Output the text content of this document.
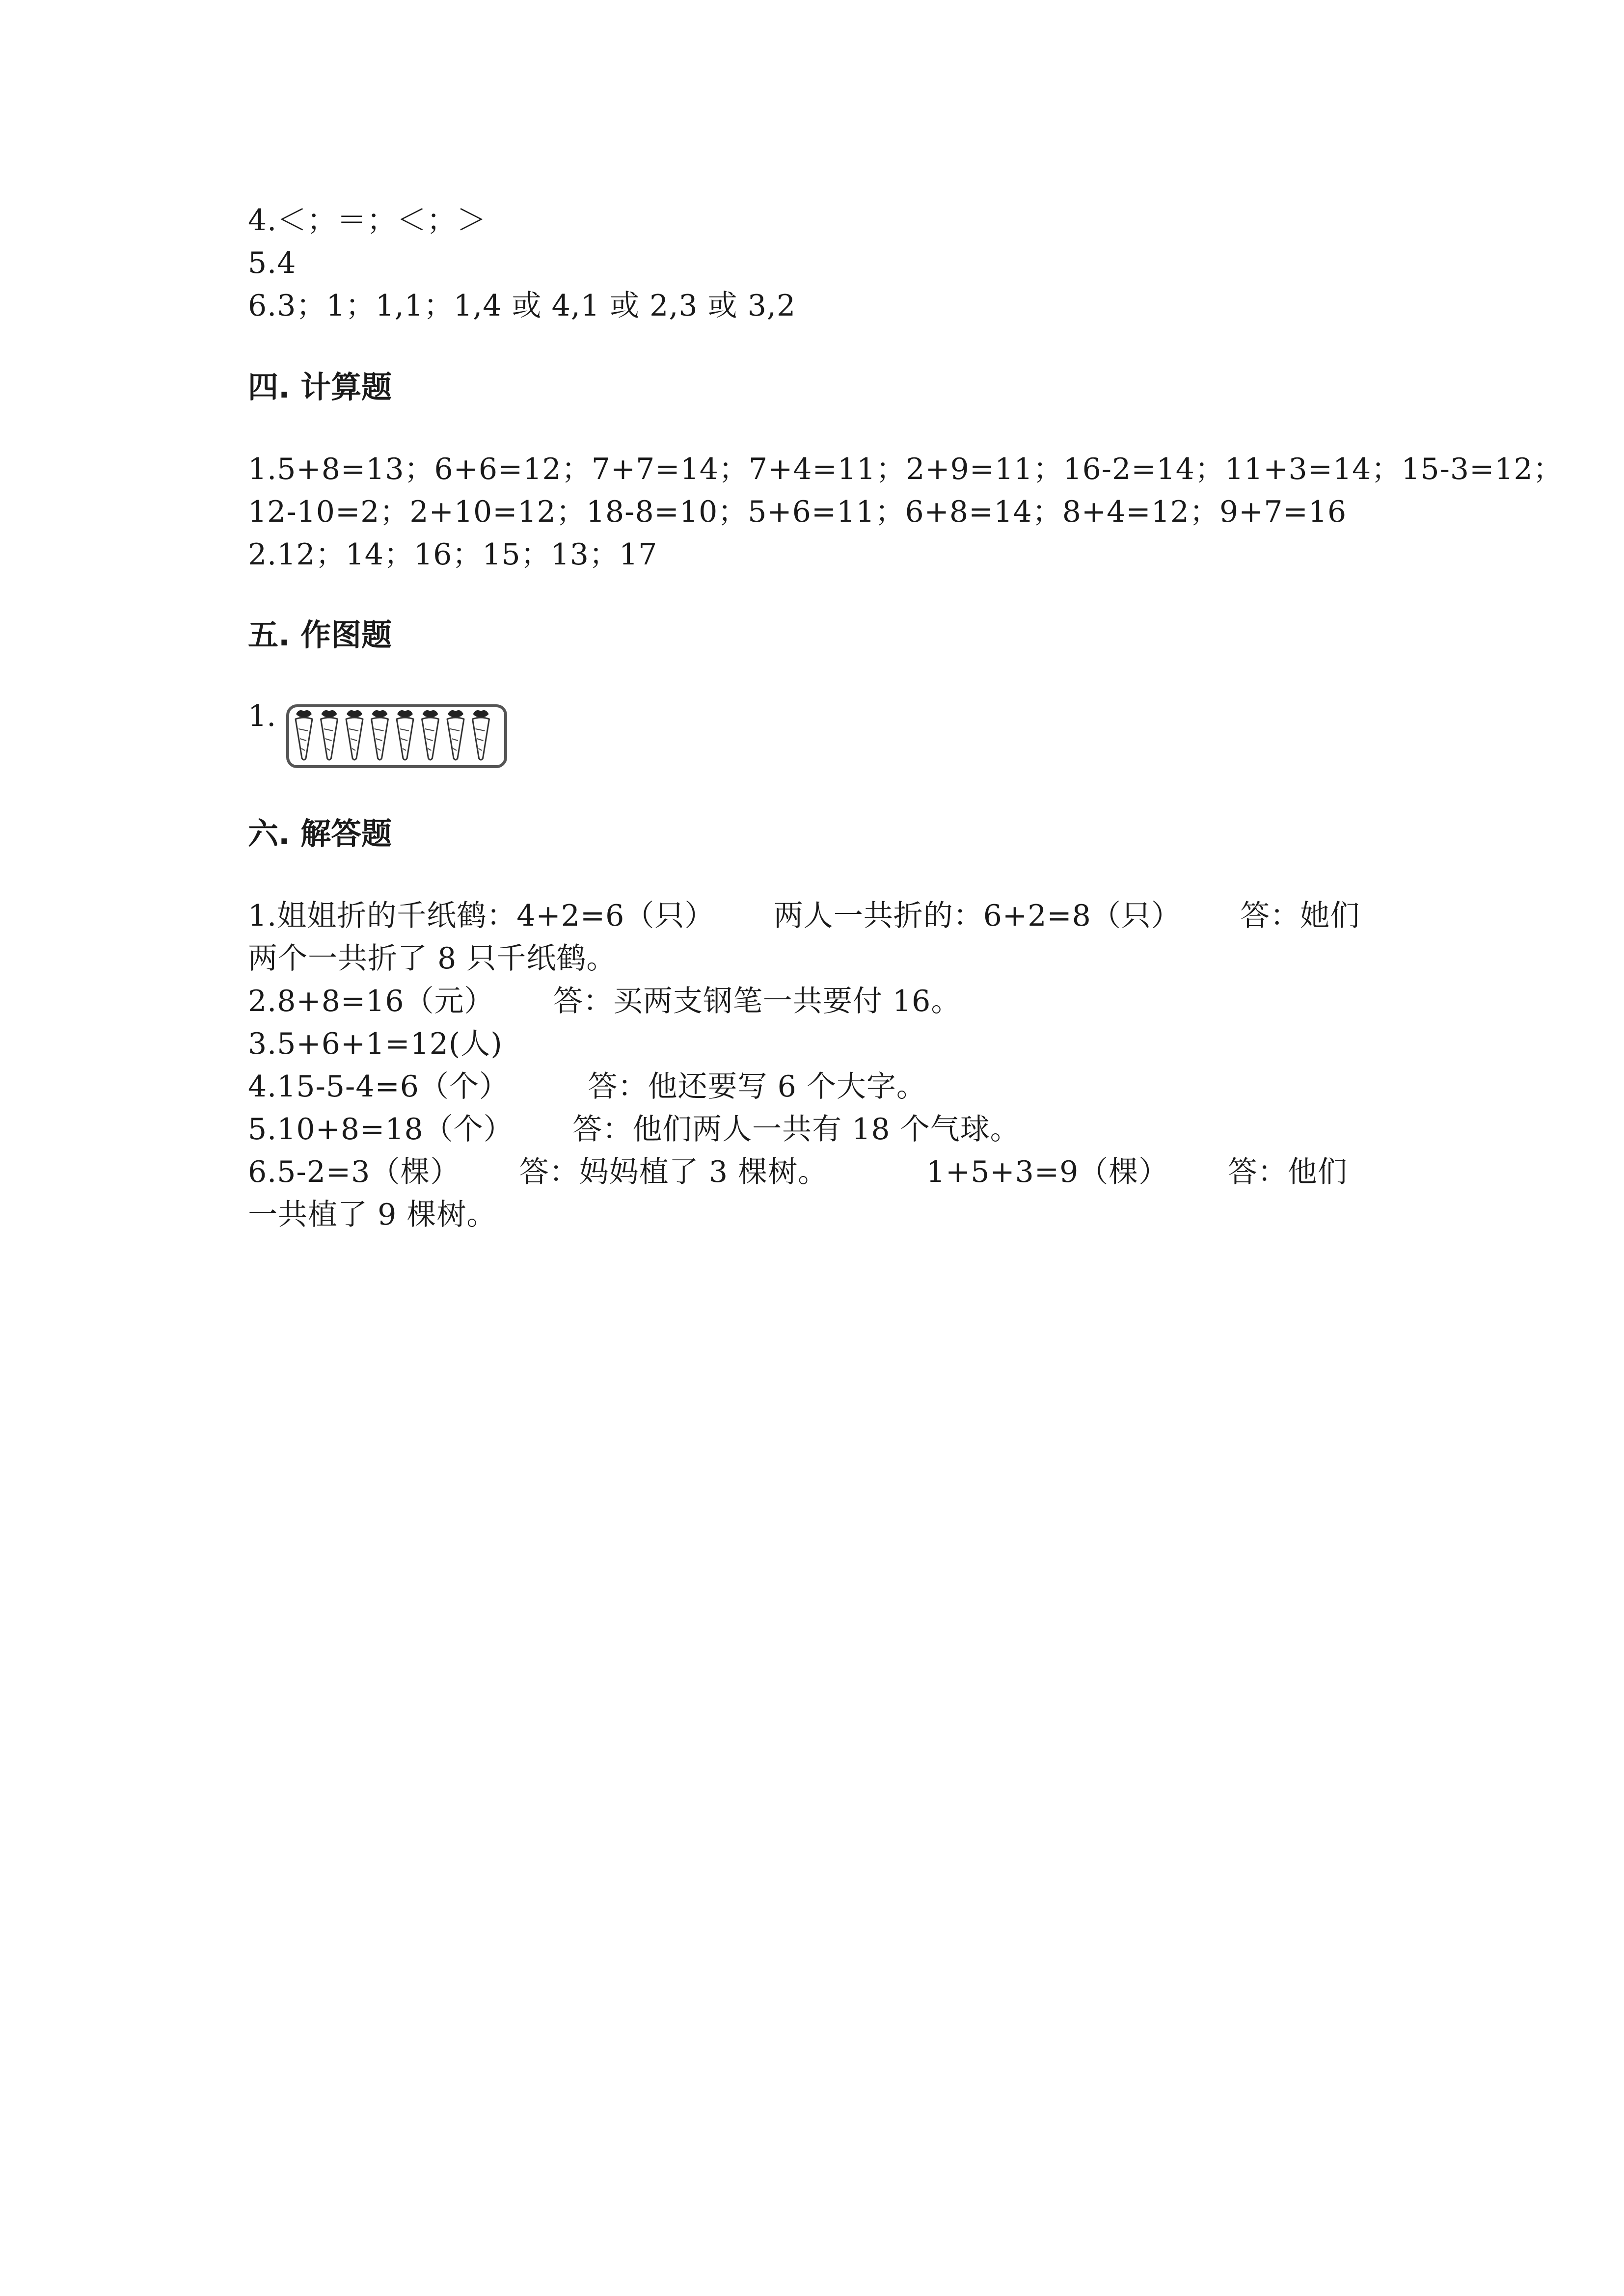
4.＜；＝；＜；＞
5.4
6.3；1；1,1；1,4 或 4,1 或 2,3 或 3,2
四. 计算题
1.5+8=13；6+6=12；7+7=14；7+4=11；2+9=11；16-2=14；11+3=14；15-3=12；
12-10=2；2+10=12；18-8=10；5+6=11；6+8=14；8+4=12；9+7=16
2.12；14；16；15；13；17
五. 作图题
1.
六. 解答题
1.姐姐折的千纸鹤：4+2=6（只）      两人一共折的：6+2=8（只）      答：她们
两个一共折了 8 只千纸鹤。
2.8+8=16（元）      答：买两支钢笔一共要付 16。
3.5+6+1=12(人)
4.15-5-4=6（个）        答：他还要写 6 个大字。
5.10+8=18（个）      答：他们两人一共有 18 个气球。
6.5-2=3（棵）      答：妈妈植了 3 棵树。          1+5+3=9（棵）      答：他们
一共植了 9 棵树。
